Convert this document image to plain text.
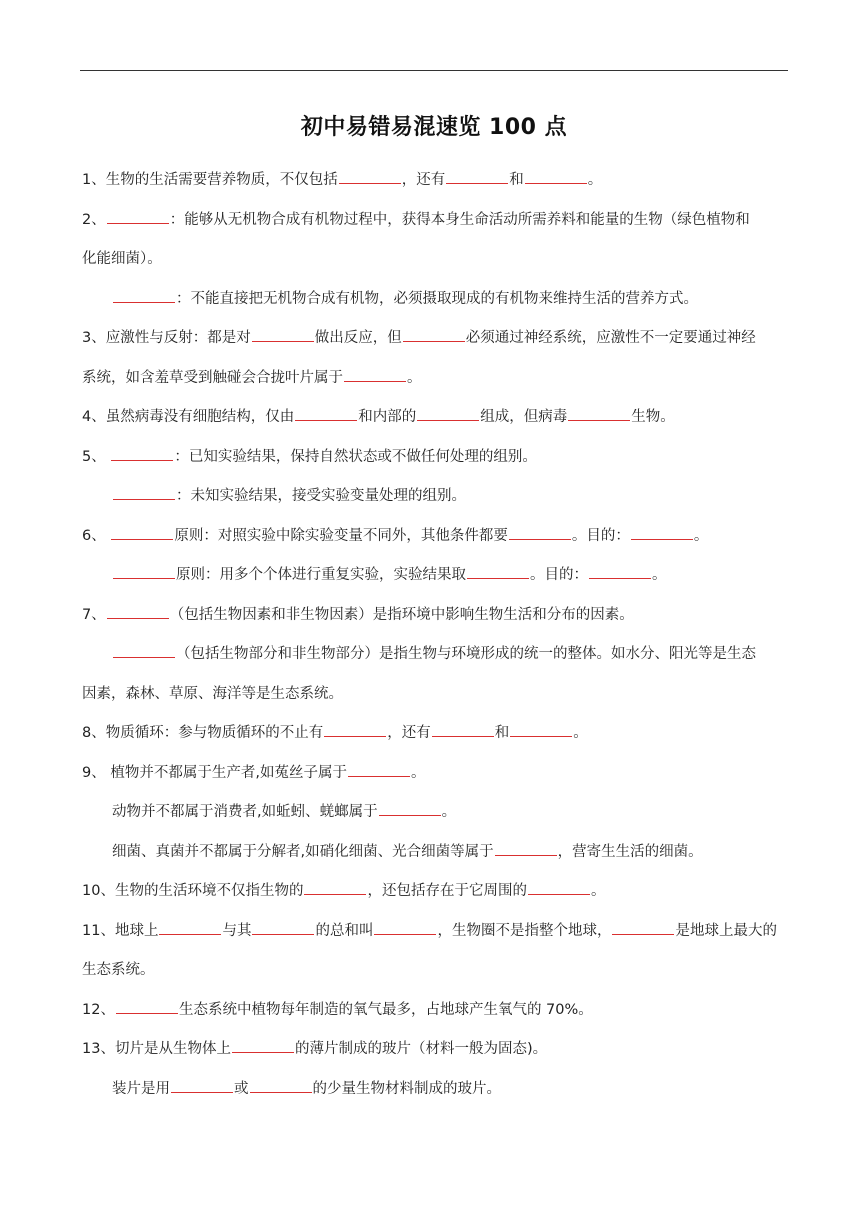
初中易错易混速览 100 点
1、生物的生活需要营养物质，不仅包括	，还有	和	。
2、	：能够从无机物合成有机物过程中，获得本身生命活动所需养料和能量的生物（绿色植物和
化能细菌）。
：不能直接把无机物合成有机物，必须摄取现成的有机物来维持生活的营养方式。
3、应激性与反射：都是对	做出反应，但	必须通过神经系统，应激性不一定要通过神经
系统，如含羞草受到触碰会合拢叶片属于	。
4、虽然病毒没有细胞结构，仅由	和内部的	组成，但病毒	生物。
5、	：已知实验结果，保持自然状态或不做任何处理的组别。
：未知实验结果，接受实验变量处理的组别。
6、	原则：对照实验中除实验变量不同外，其他条件都要	。目的：	。
原则：用多个个体进行重复实验，实验结果取	。目的：	。
7、	（包括生物因素和非生物因素）是指环境中影响生物生活和分布的因素。
（包括生物部分和非生物部分）是指生物与环境形成的统一的整体。如水分、阳光等是生态
因素，森林、草原、海洋等是生态系统。
8、物质循环：参与物质循环的不止有	，还有	和	。
9、 植物并不都属于生产者,如菟丝子属于	。
动物并不都属于消费者,如蚯蚓、蜣螂属于	。
细菌、真菌并不都属于分解者,如硝化细菌、光合细菌等属于	，营寄生生活的细菌。
10、生物的生活环境不仅指生物的	，还包括存在于它周围的	。
11、地球上	与其	的总和叫	，生物圈不是指整个地球，	是地球上最大的
生态系统。
12、	生态系统中植物每年制造的氧气最多，占地球产生氧气的 70%。
13、切片是从生物体上	的薄片制成的玻片（材料一般为固态)。
装片是用	或	的少量生物材料制成的玻片。
